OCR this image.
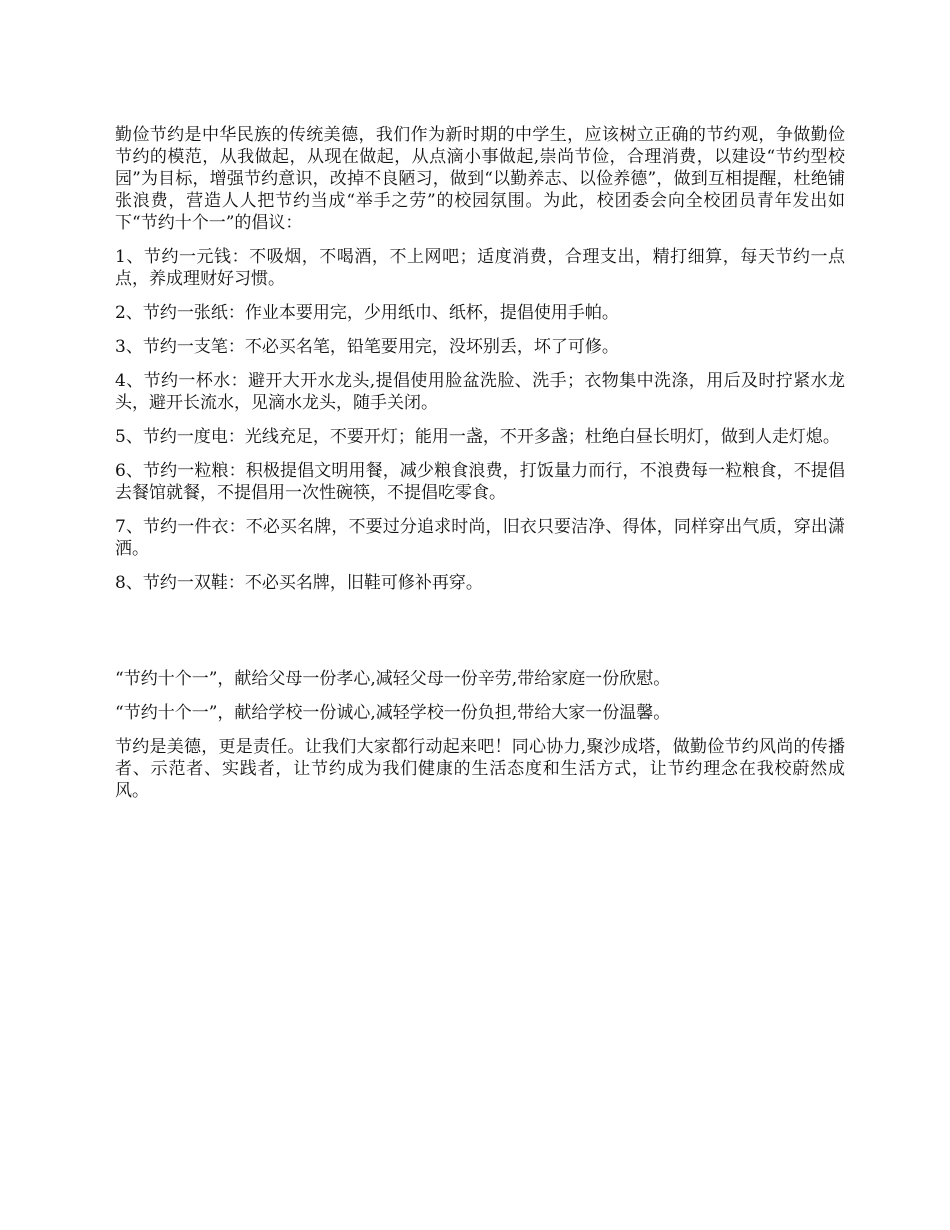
勤俭节约是中华民族的传统美德，我们作为新时期的中学生，应该树立正确的节约观，争做勤俭节约的模范，从我做起，从现在做起，从点滴小事做起,崇尚节俭，合理消费，以建设“节约型校园”为目标，增强节约意识，改掉不良陋习，做到“以勤养志、以俭养德”，做到互相提醒，杜绝铺张浪费，营造人人把节约当成“举手之劳”的校园氛围。为此，校团委会向全校团员青年发出如下“节约十个一”的倡议：

1、节约一元钱：不吸烟，不喝酒，不上网吧；适度消费，合理支出，精打细算，每天节约一点点，养成理财好习惯。

2、节约一张纸：作业本要用完，少用纸巾、纸杯，提倡使用手帕。

3、节约一支笔：不必买名笔，铅笔要用完，没坏别丢，坏了可修。

4、节约一杯水：避开大开水龙头,提倡使用脸盆洗脸、洗手；衣物集中洗涤，用后及时拧紧水龙头，避开长流水，见滴水龙头，随手关闭。

5、节约一度电：光线充足，不要开灯；能用一盏，不开多盏；杜绝白昼长明灯，做到人走灯熄。

6、节约一粒粮：积极提倡文明用餐，减少粮食浪费，打饭量力而行，不浪费每一粒粮食，不提倡去餐馆就餐，不提倡用一次性碗筷，不提倡吃零食。

7、节约一件衣：不必买名牌，不要过分追求时尚，旧衣只要洁净、得体，同样穿出气质，穿出潇洒。

8、节约一双鞋：不必买名牌，旧鞋可修补再穿。

“节约十个一”，献给父母一份孝心,减轻父母一份辛劳,带给家庭一份欣慰。

“节约十个一”，献给学校一份诚心,减轻学校一份负担,带给大家一份温馨。

节约是美德，更是责任。让我们大家都行动起来吧！同心协力,聚沙成塔，做勤俭节约风尚的传播者、示范者、实践者，让节约成为我们健康的生活态度和生活方式，让节约理念在我校蔚然成风。
